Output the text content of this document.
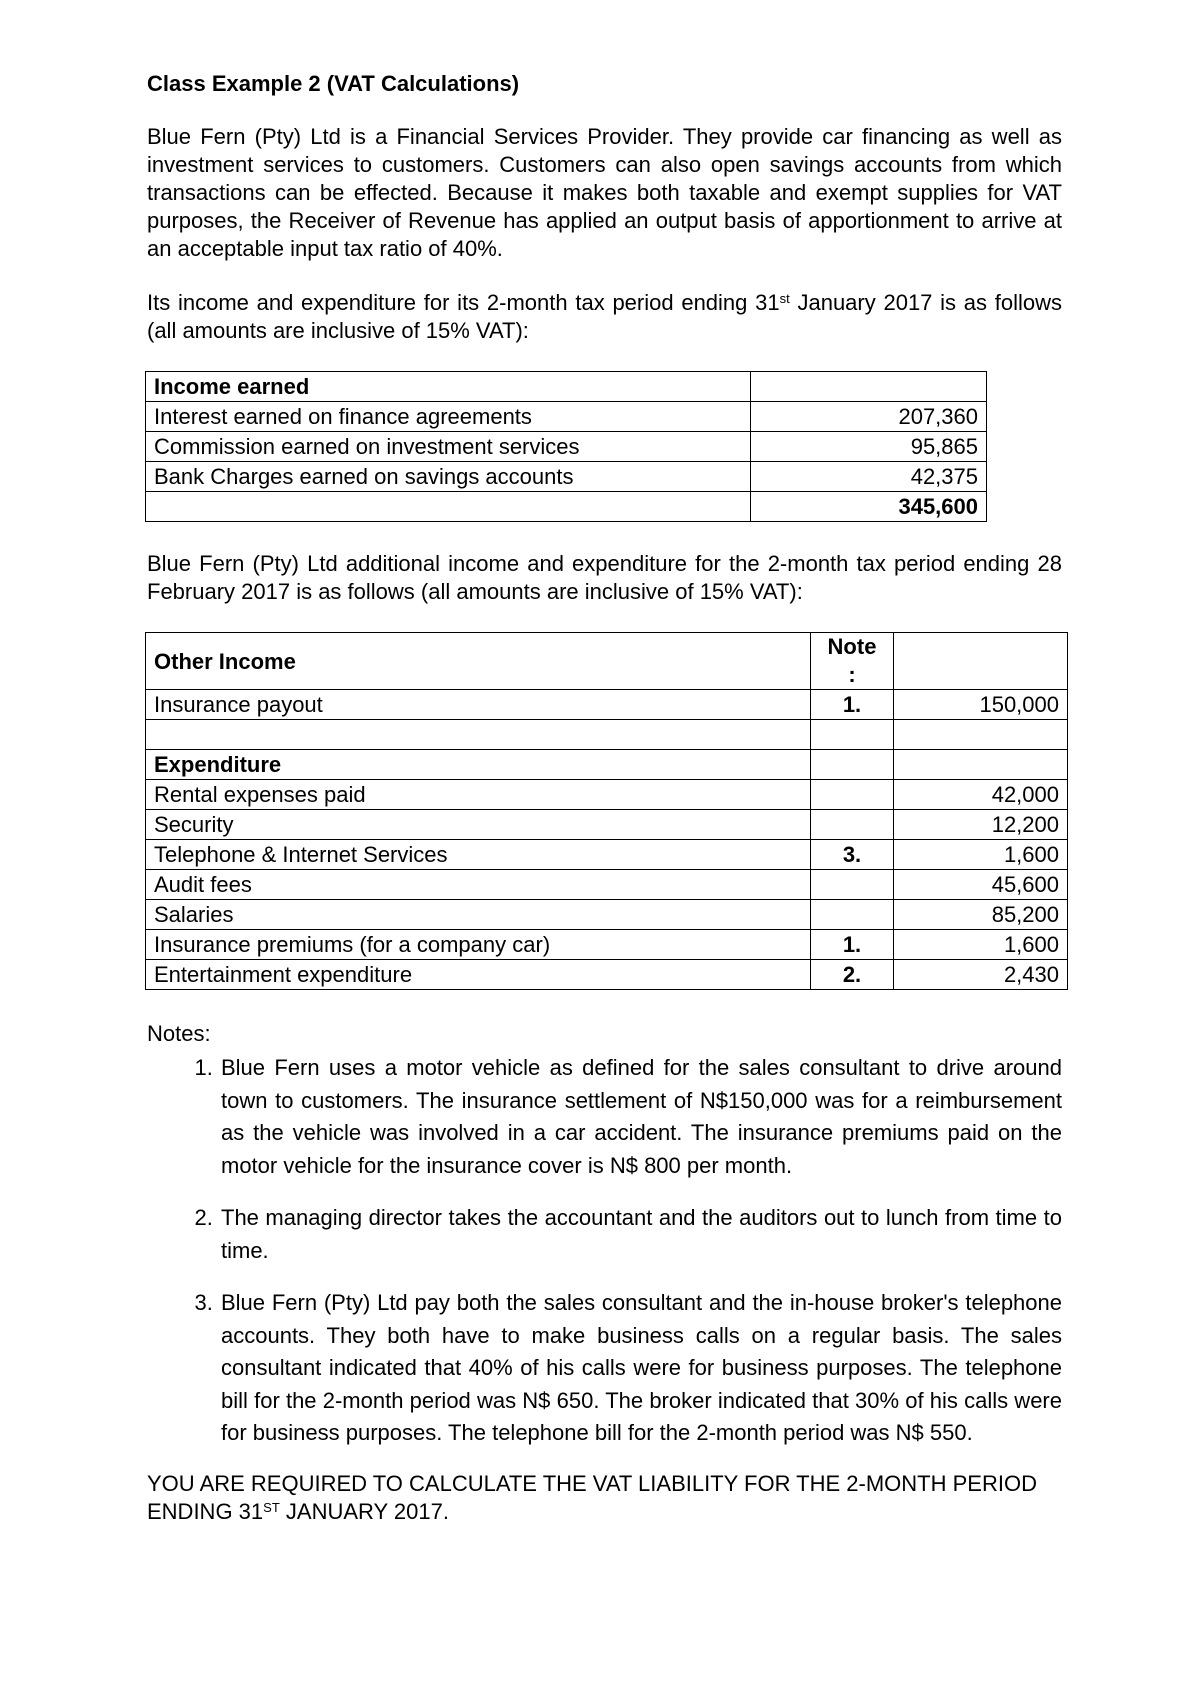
Class Example 2 (VAT Calculations)

Blue Fern (Pty) Ltd is a Financial Services Provider. They provide car financing as well as investment services to customers. Customers can also open savings accounts from which transactions can be effected. Because it makes both taxable and exempt supplies for VAT purposes, the Receiver of Revenue has applied an output basis of apportionment to arrive at an acceptable input tax ratio of 40%.

Its income and expenditure for its 2-month tax period ending 31st January 2017 is as follows (all amounts are inclusive of 15% VAT):

Income earned	
Interest earned on finance agreements	207,360
Commission earned on investment services	95,865
Bank Charges earned on savings accounts	42,375
	345,600

Blue Fern (Pty) Ltd additional income and expenditure for the 2-month tax period ending 28 February 2017 is as follows (all amounts are inclusive of 15% VAT):

Other Income	Note
:	
Insurance payout	1.	150,000

Expenditure		
Rental expenses paid		42,000
Security		12,200
Telephone & Internet Services	3.	1,600
Audit fees		45,600
Salaries		85,200
Insurance premiums (for a company car)	1.	1,600
Entertainment expenditure	2.	2,430
Notes:
1. Blue Fern uses a motor vehicle as defined for the sales consultant to drive around town to customers. The insurance settlement of N$150,000 was for a reimbursement as the vehicle was involved in a car accident. The insurance premiums paid on the motor vehicle for the insurance cover is N$ 800 per month.
2. The managing director takes the accountant and the auditors out to lunch from time to time.
3. Blue Fern (Pty) Ltd pay both the sales consultant and the in-house broker's telephone accounts. They both have to make business calls on a regular basis. The sales consultant indicated that 40% of his calls were for business purposes. The telephone bill for the 2-month period was N$ 650. The broker indicated that 30% of his calls were for business purposes. The telephone bill for the 2-month period was N$ 550.

YOU ARE REQUIRED TO CALCULATE THE VAT LIABILITY FOR THE 2-MONTH PERIOD ENDING 31ST JANUARY 2017.
